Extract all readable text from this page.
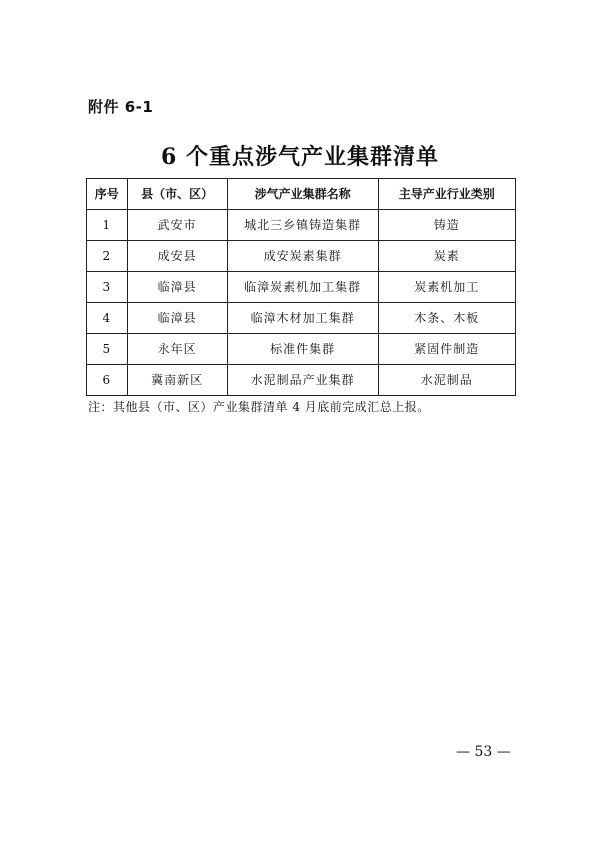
附件 6-1
6 个重点涉气产业集群清单
序号	县（市、区）	涉气产业集群名称	主导产业行业类别
1	武安市	城北三乡镇铸造集群	铸造
2	成安县	成安炭素集群	炭素
3	临漳县	临漳炭素机加工集群	炭素机加工
4	临漳县	临漳木材加工集群	木条、木板
5	永年区	标准件集群	紧固件制造
6	冀南新区	水泥制品产业集群	水泥制品
注：其他县（市、区）产业集群清单 4 月底前完成汇总上报。
— 53 —
